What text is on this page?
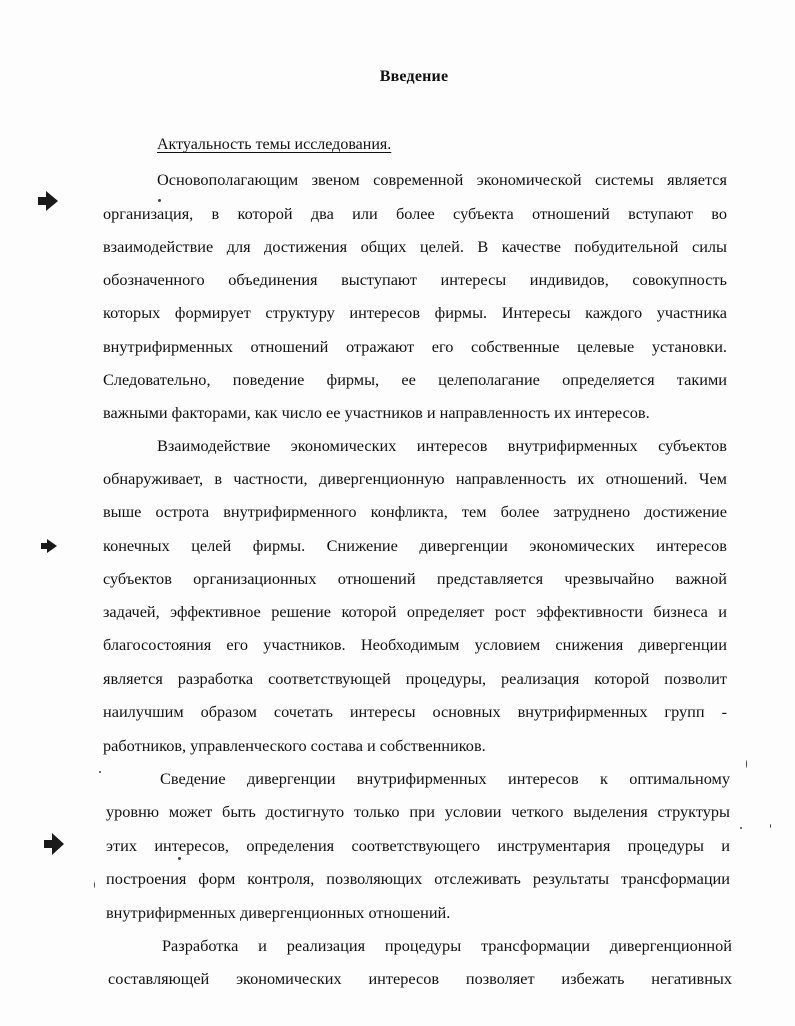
Введение
Актуальность темы исследования.
Основополагающим звеном современной экономической системы является
организация, в которой два или более субъекта отношений вступают во
взаимодействие для достижения общих целей. В качестве побудительной силы
обозначенного объединения выступают интересы индивидов, совокупность
которых формирует структуру интересов фирмы. Интересы каждого участника
внутрифирменных отношений отражают его собственные целевые установки.
Следовательно, поведение фирмы, ее целеполагание определяется такими
важными факторами, как число ее участников и направленность их интересов.
Взаимодействие экономических интересов внутрифирменных субъектов
обнаруживает, в частности, дивергенционную направленность их отношений. Чем
выше острота внутрифирменного конфликта, тем более затруднено достижение
конечных целей фирмы. Снижение дивергенции экономических интересов
субъектов организационных отношений представляется чрезвычайно важной
задачей, эффективное решение которой определяет рост эффективности бизнеса и
благосостояния его участников. Необходимым условием снижения дивергенции
является разработка соответствующей процедуры, реализация которой позволит
наилучшим образом сочетать интересы основных внутрифирменных групп -
работников, управленческого состава и собственников.
Сведение дивергенции внутрифирменных интересов к оптимальному
уровню может быть достигнуто только при условии четкого выделения структуры
этих интересов, определения соответствующего инструментария процедуры и
построения форм контроля, позволяющих отслеживать результаты трансформации
внутрифирменных дивергенционных отношений.
Разработка и реализация процедуры трансформации дивергенционной
составляющей экономических интересов позволяет избежать негативных
